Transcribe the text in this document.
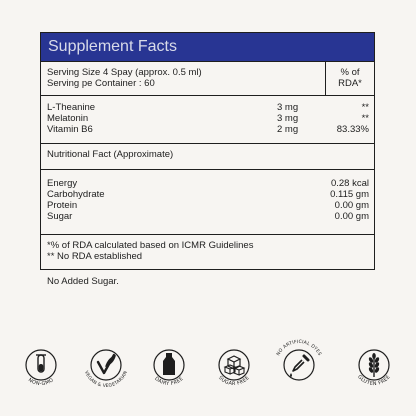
Supplement Facts
Serving Size 4 Spay (approx. 0.5 ml)
Serving pe Container : 60
% of
RDA*
L-Theanine	3 mg	**
Melatonin	3 mg	**
Vitamin B6	2 mg	83.33%
Nutritional Fact (Approximate)
Energy	0.28 kcal
Carbohydrate	0.115 gm
Protein	0.00 gm
Sugar	0.00 gm
*% of RDA calculated based on ICMR Guidelines
** No RDA established
No Added Sugar.
NON-GMO
VEGAN & VEGETARIAN
DAIRY FREE	SUGAR FREE
NO ARTIFICIAL DYES
GLUTEN FREE
